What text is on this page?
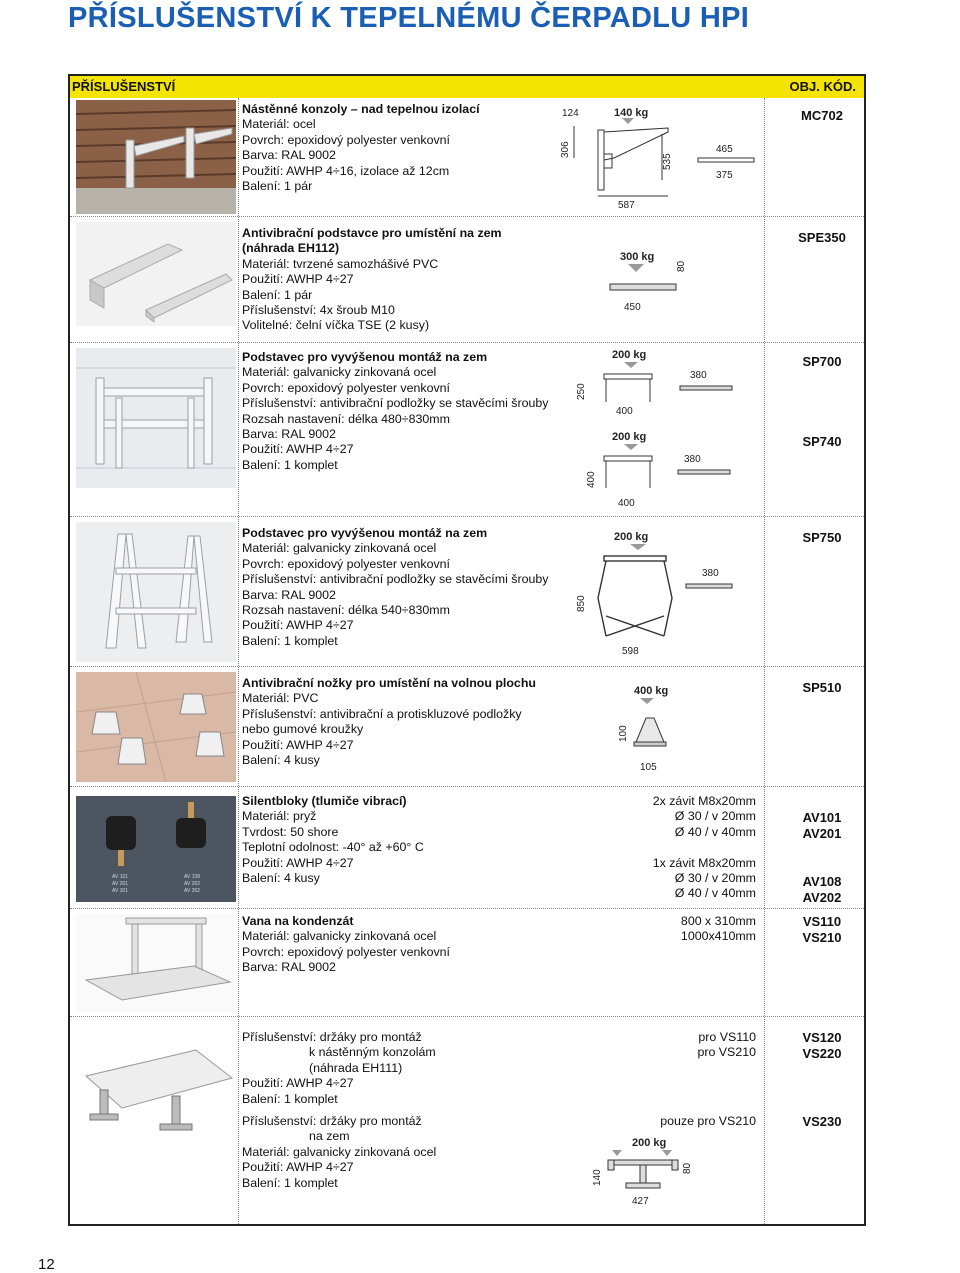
PŘÍSLUŠENSTVÍ K TEPELNÉMU ČERPADLU HPI
PŘÍSLUŠENSTVÍ	OBJ. KÓD.
Nástěnné konzoly – nad tepelnou izolací
Materiál: ocel
Povrch: epoxidový polyester venkovní
Barva: RAL 9002
Použití: AWHP 4÷16, izolace až 12cm
Balení: 1 pár
140 kg
124
306
535
587
465
375
MC702
Antivibrační podstavce pro umístění na zem
(náhrada EH112)
Materiál: tvrzené samozhášivé PVC
Použití: AWHP 4÷27
Balení: 1 pár
Příslušenství: 4x šroub M10
Volitelné: čelní víčka TSE (2 kusy)
300 kg
80
450
SPE350
Podstavec pro vyvýšenou montáž na zem
Materiál: galvanicky zinkovaná ocel
Povrch: epoxidový polyester venkovní
Příslušenství: antivibrační podložky se stavěcími šrouby
Rozsah nastavení: délka 480÷830mm
Barva: RAL 9002
Použití: AWHP 4÷27
Balení: 1 komplet
200 kg
250
400
380
200 kg
400
400
380
SP700
SP740
Podstavec pro vyvýšenou montáž na zem
Materiál: galvanicky zinkovaná ocel
Povrch: epoxidový polyester venkovní
Příslušenství: antivibrační podložky se stavěcími šrouby
Barva: RAL 9002
Rozsah nastavení: délka 540÷830mm
Použití: AWHP 4÷27
Balení: 1 komplet
200 kg
850
598
380
SP750
Antivibrační nožky pro umístění na volnou plochu
Materiál: PVC
Příslušenství: antivibrační a protiskluzové podložky
nebo gumové kroužky
Použití: AWHP 4÷27
Balení: 4 kusy
400 kg
100
105
SP510
AV 101
AV 201
AV 301
AV 108
AV 202
AV 302
Silentbloky (tlumiče vibrací)
Materiál: pryž
Tvrdost: 50 shore
Teplotní odolnost: -40° až +60° C
Použití: AWHP 4÷27
Balení: 4 kusy
2x závit M8x20mm
Ø 30 / v 20mm
Ø 40 / v 40mm
1x závit M8x20mm
Ø 30 / v 20mm
Ø 40 / v 40mm
AV101
AV201
AV108
AV202
Vana na kondenzát
Materiál: galvanicky zinkovaná ocel
Povrch: epoxidový polyester venkovní
Barva: RAL 9002
800 x 310mm
1000x410mm
VS110
VS210
Příslušenství: držáky pro montáž
k nástěnným konzolám
(náhrada EH111)
Použití: AWHP 4÷27
Balení: 1 komplet
pro VS110
pro VS210
VS120
VS220
Příslušenství: držáky pro montáž
na zem
Materiál: galvanicky zinkovaná ocel
Použití: AWHP 4÷27
Balení: 1 komplet
pouze pro VS210
200 kg
140
80
427
VS230
12
